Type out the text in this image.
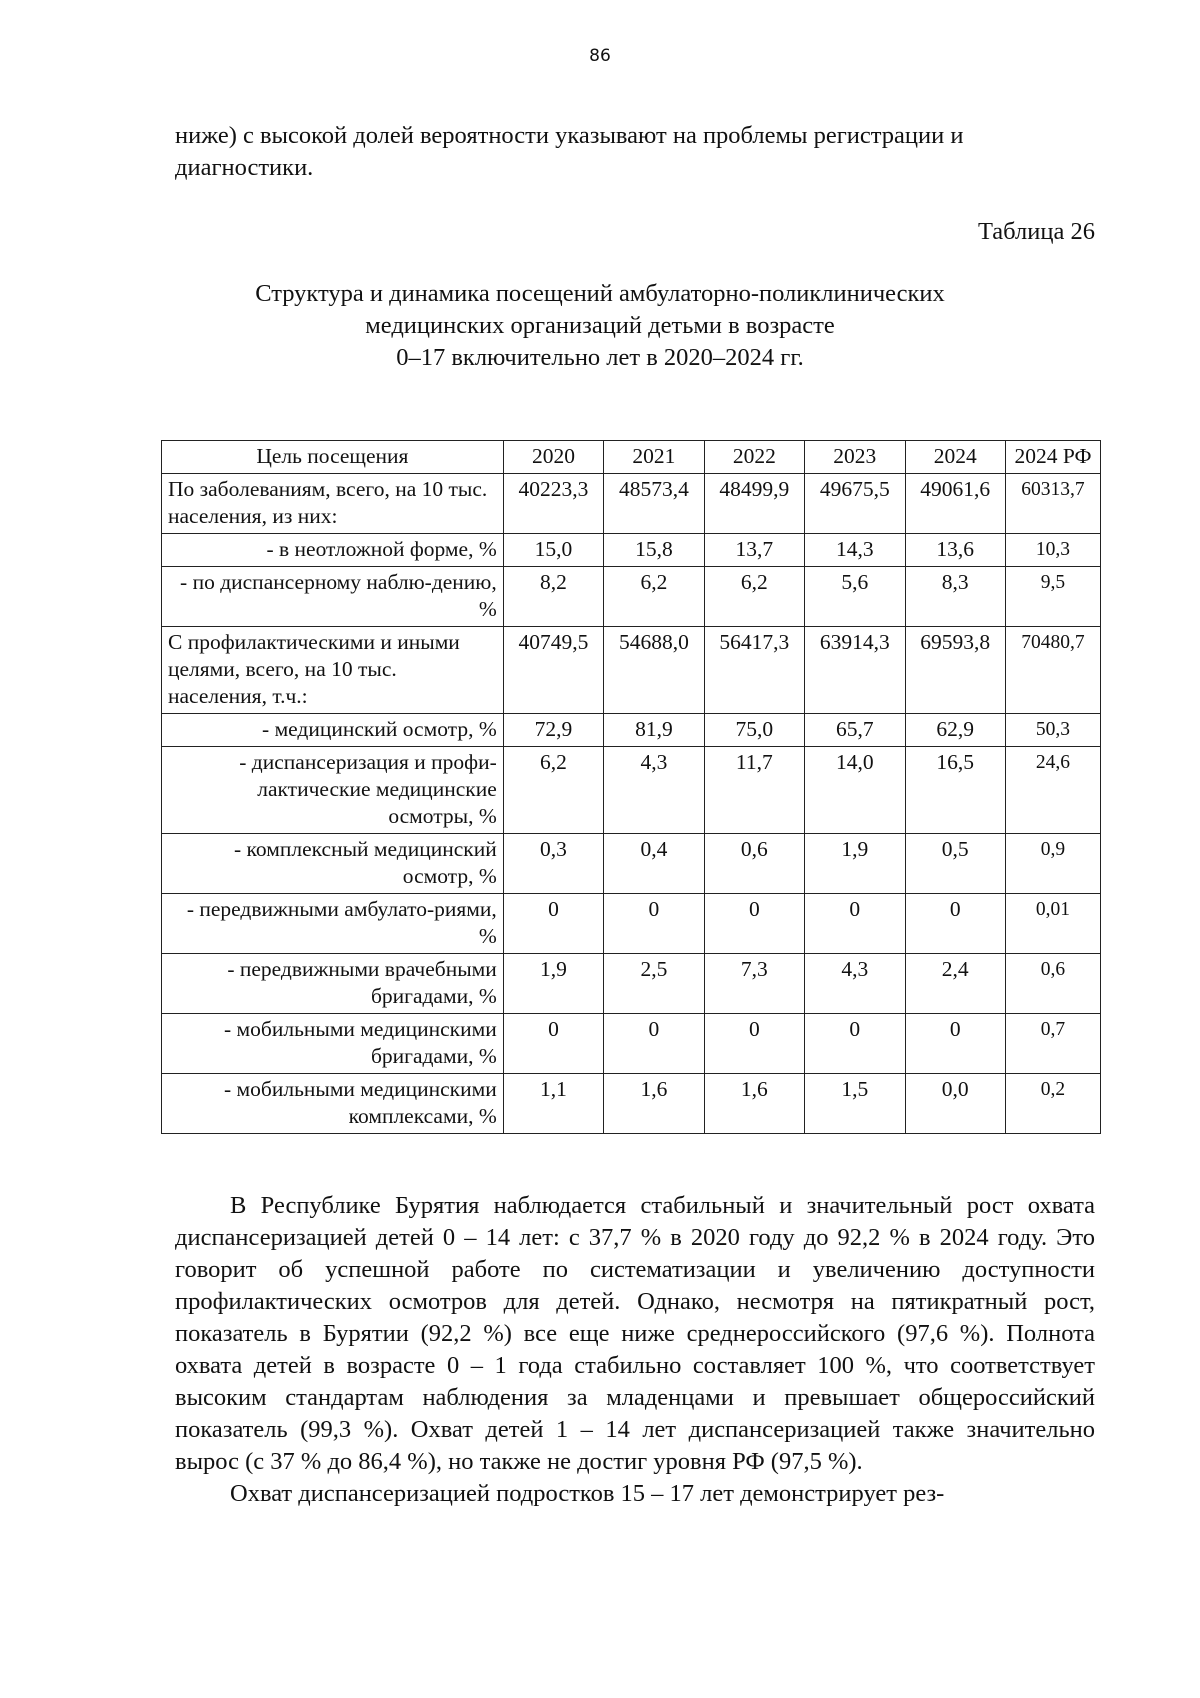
86
ниже) с высокой долей вероятности указывают на проблемы регистрации и диагностики.
Таблица 26
Структура и динамика посещений амбулаторно-поликлинических
медицинских организаций детьми в возрасте
0–17 включительно лет в 2020–2024 гг.
Цель посещения	2020	2021	2022	2023	2024	2024 РФ
По заболеваниям, всего, на 10 тыс. населения, из них:	40223,3	48573,4	48499,9	49675,5	49061,6	60313,7
- в неотложной форме, %	15,0	15,8	13,7	14,3	13,6	10,3
- по диспансерному наблю-дению, %	8,2	6,2	6,2	5,6	8,3	9,5
С профилактическими и иными целями, всего, на 10 тыс. населения, т.ч.:	40749,5	54688,0	56417,3	63914,3	69593,8	70480,7
- медицинский осмотр, %	72,9	81,9	75,0	65,7	62,9	50,3
- диспансеризация и профи-лактические медицинские осмотры, %	6,2	4,3	11,7	14,0	16,5	24,6
- комплексный медицинский осмотр, %	0,3	0,4	0,6	1,9	0,5	0,9
- передвижными амбулато-риями, %	0	0	0	0	0	0,01
- передвижными врачебными бригадами, %	1,9	2,5	7,3	4,3	2,4	0,6
- мобильными медицинскими бригадами, %	0	0	0	0	0	0,7
- мобильными медицинскими комплексами, %	1,1	1,6	1,6	1,5	0,0	0,2

В Республике Бурятия наблюдается стабильный и значительный рост охвата диспансеризацией детей 0 – 14 лет: с 37,7 % в 2020 году до 92,2 % в 2024 году. Это говорит об успешной работе по систематизации и увеличению доступности профилактических осмотров для детей. Однако, несмотря на пятикратный рост, показатель в Бурятии (92,2 %) все еще ниже среднероссийского (97,6 %). Полнота охвата детей в возрасте 0 – 1 года стабильно составляет 100 %, что соответствует высоким стандартам наблюдения за младенцами и превышает общероссийский показатель (99,3 %). Охват детей 1 – 14 лет диспансеризацией также значительно вырос (с 37 % до 86,4 %), но также не достиг уровня РФ (97,5 %).

Охват диспансеризацией подростков 15 – 17 лет демонстрирует рез-
